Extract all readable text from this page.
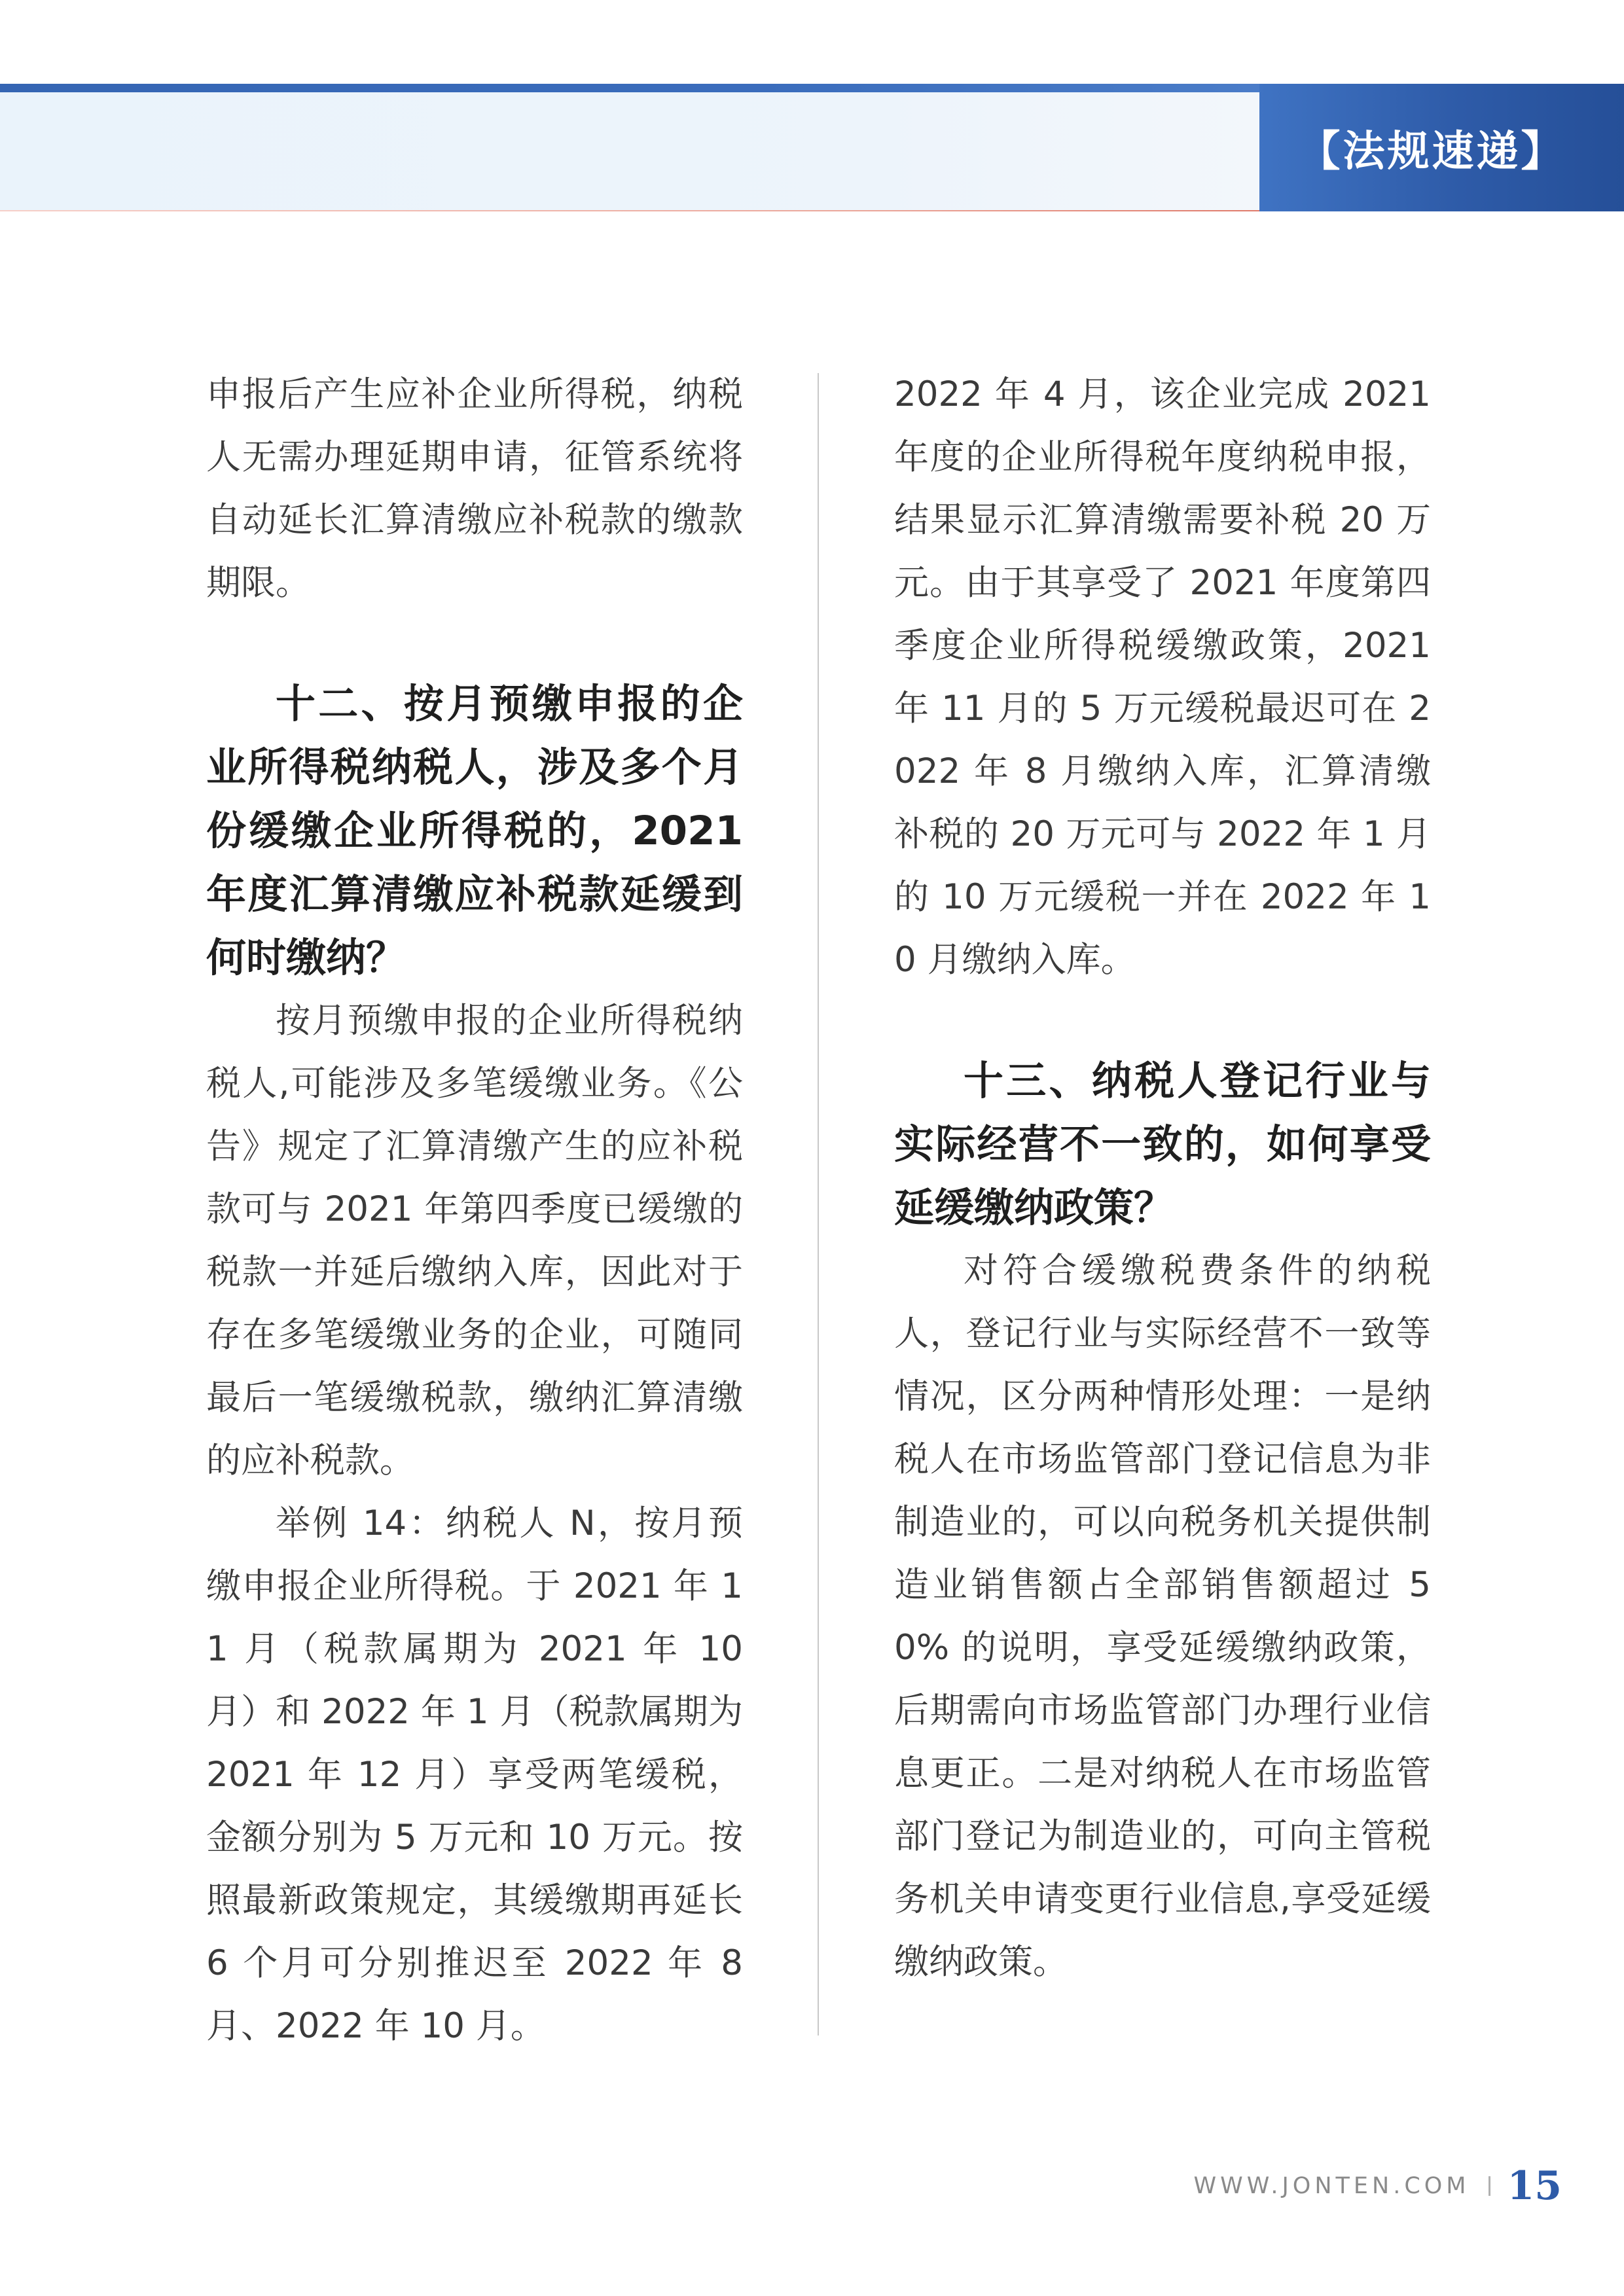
【法规速递】

申报后产生应补企业所得税，纳税人无需办理延期申请，征管系统将自动延长汇算清缴应补税款的缴款期限。

十二、按月预缴申报的企业所得税纳税人，涉及多个月份缓缴企业所得税的，2021 年度汇算清缴应补税款延缓到何时缴纳？

按月预缴申报的企业所得税纳税人,可能涉及多笔缓缴业务。《公告》规定了汇算清缴产生的应补税款可与 2021 年第四季度已缓缴的税款一并延后缴纳入库，因此对于存在多笔缓缴业务的企业，可随同最后一笔缓缴税款，缴纳汇算清缴的应补税款。

举例 14：纳税人 N，按月预缴申报企业所得税。于 2021 年 11 月（税款属期为 2021 年 10 月）和 2022 年 1 月（税款属期为 2021 年 12 月）享受两笔缓税，金额分别为 5 万元和 10 万元。按照最新政策规定，其缓缴期再延长 6 个月可分别推迟至 2022 年 8 月、2022 年 10 月。

2022 年 4 月，该企业完成 2021 年度的企业所得税年度纳税申报，结果显示汇算清缴需要补税 20 万元。由于其享受了 2021 年度第四季度企业所得税缓缴政策，2021 年 11 月的 5 万元缓税最迟可在 2022 年 8 月缴纳入库，汇算清缴补税的 20 万元可与 2022 年 1 月的 10 万元缓税一并在 2022 年 10 月缴纳入库。

十三、纳税人登记行业与实际经营不一致的，如何享受延缓缴纳政策？

对符合缓缴税费条件的纳税人，登记行业与实际经营不一致等情况，区分两种情形处理：一是纳税人在市场监管部门登记信息为非制造业的，可以向税务机关提供制造业销售额占全部销售额超过 50% 的说明，享受延缓缴纳政策，后期需向市场监管部门办理行业信息更正。二是对纳税人在市场监管部门登记为制造业的，可向主管税务机关申请变更行业信息,享受延缓缴纳政策。

WWW.JONTEN.COM 15
